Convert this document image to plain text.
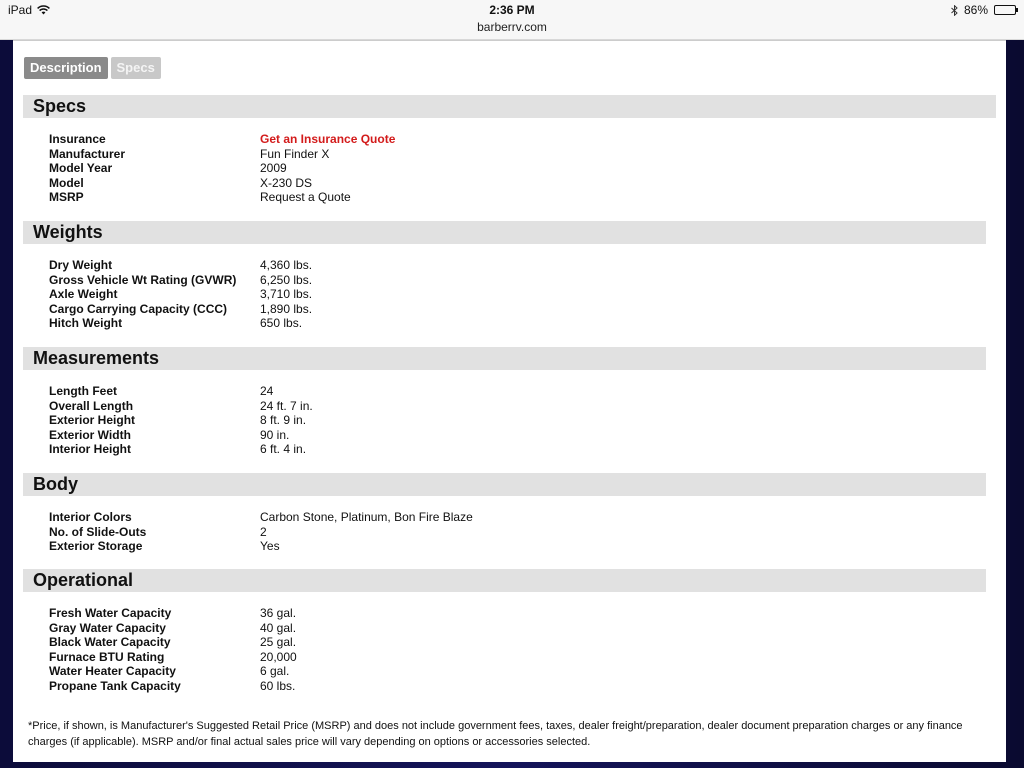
iPad	2:36 PM
barberrv.com
86%
Description	Specs
Specs
Insurance	Get an Insurance Quote
Manufacturer	Fun Finder X
Model Year	2009
Model	X-230 DS
MSRP	Request a Quote
Weights
Dry Weight	4,360 lbs.
Gross Vehicle Wt Rating (GVWR)	6,250 lbs.
Axle Weight	3,710 lbs.
Cargo Carrying Capacity (CCC)	1,890 lbs.
Hitch Weight	650 lbs.
Measurements
Length Feet	24
Overall Length	24 ft. 7 in.
Exterior Height	8 ft. 9 in.
Exterior Width	90 in.
Interior Height	6 ft. 4 in.
Body
Interior Colors	Carbon Stone, Platinum, Bon Fire Blaze
No. of Slide-Outs	2
Exterior Storage	Yes
Operational
Fresh Water Capacity	36 gal.
Gray Water Capacity	40 gal.
Black Water Capacity	25 gal.
Furnace BTU Rating	20,000
Water Heater Capacity	6 gal.
Propane Tank Capacity	60 lbs.
*Price, if shown, is Manufacturer's Suggested Retail Price (MSRP) and does not include government fees, taxes, dealer freight/preparation, dealer document preparation charges or any finance charges (if applicable). MSRP and/or final actual sales price will vary depending on options or accessories selected.
